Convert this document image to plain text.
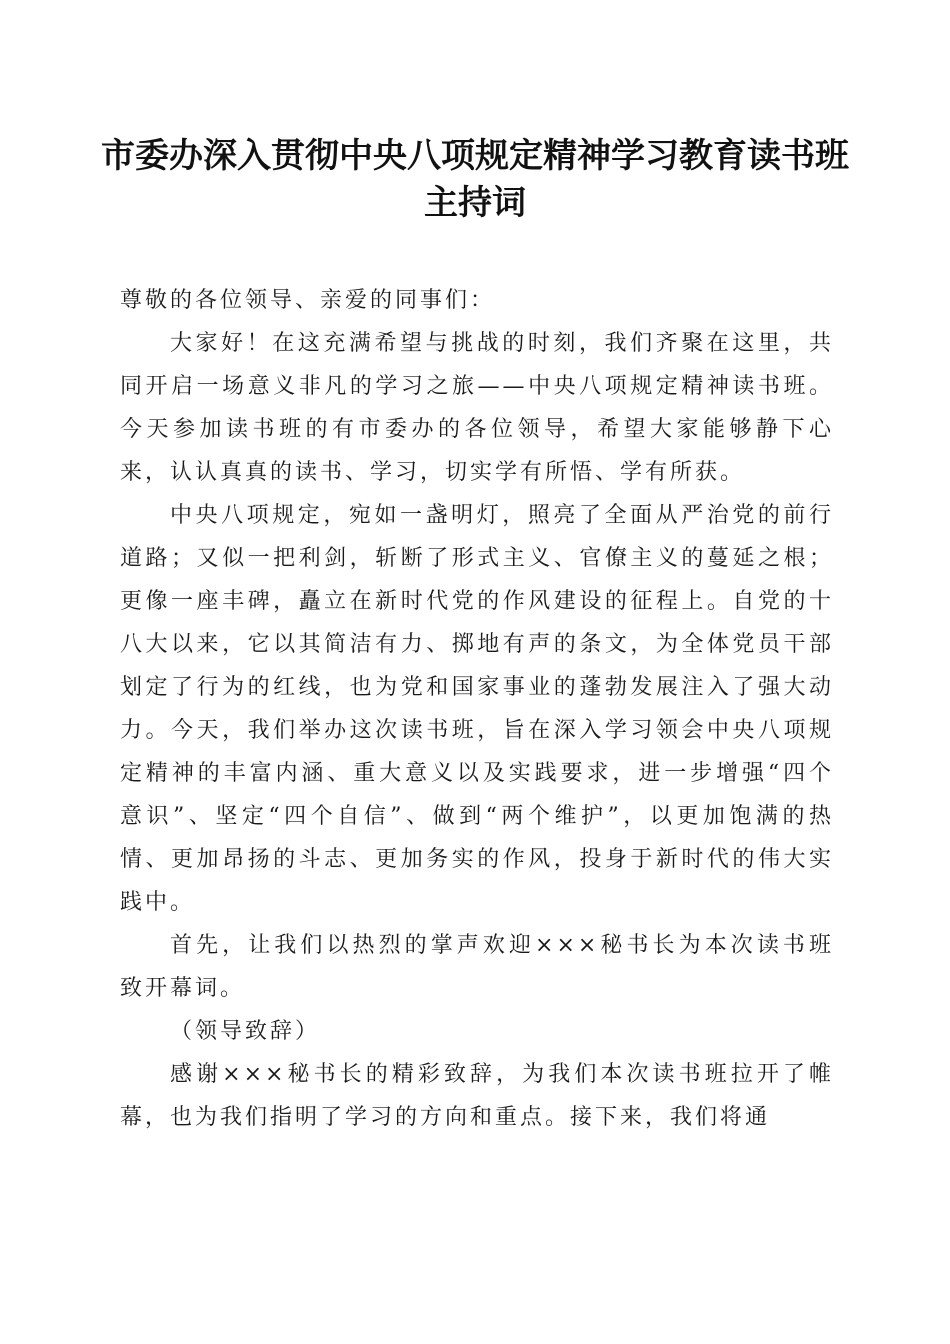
市委办深入贯彻中央八项规定精神学习教育读书班主持词

尊敬的各位领导、亲爱的同事们：

大家好！在这充满希望与挑战的时刻，我们齐聚在这里，共同开启一场意义非凡的学习之旅——中央八项规定精神读书班。今天参加读书班的有市委办的各位领导，希望大家能够静下心来，认认真真的读书、学习，切实学有所悟、学有所获。

中央八项规定，宛如一盏明灯，照亮了全面从严治党的前行道路；又似一把利剑，斩断了形式主义、官僚主义的蔓延之根；更像一座丰碑，矗立在新时代党的作风建设的征程上。自党的十八大以来，它以其简洁有力、掷地有声的条文，为全体党员干部划定了行为的红线，也为党和国家事业的蓬勃发展注入了强大动力。今天，我们举办这次读书班，旨在深入学习领会中央八项规定精神的丰富内涵、重大意义以及实践要求，进一步增强“四个意识”、坚定“四个自信”、做到“两个维护”，以更加饱满的热情、更加昂扬的斗志、更加务实的作风，投身于新时代的伟大实践中。

首先，让我们以热烈的掌声欢迎×××秘书长为本次读书班致开幕词。

（领导致辞）

感谢×××秘书长的精彩致辞，为我们本次读书班拉开了帷幕，也为我们指明了学习的方向和重点。接下来，我们将通
